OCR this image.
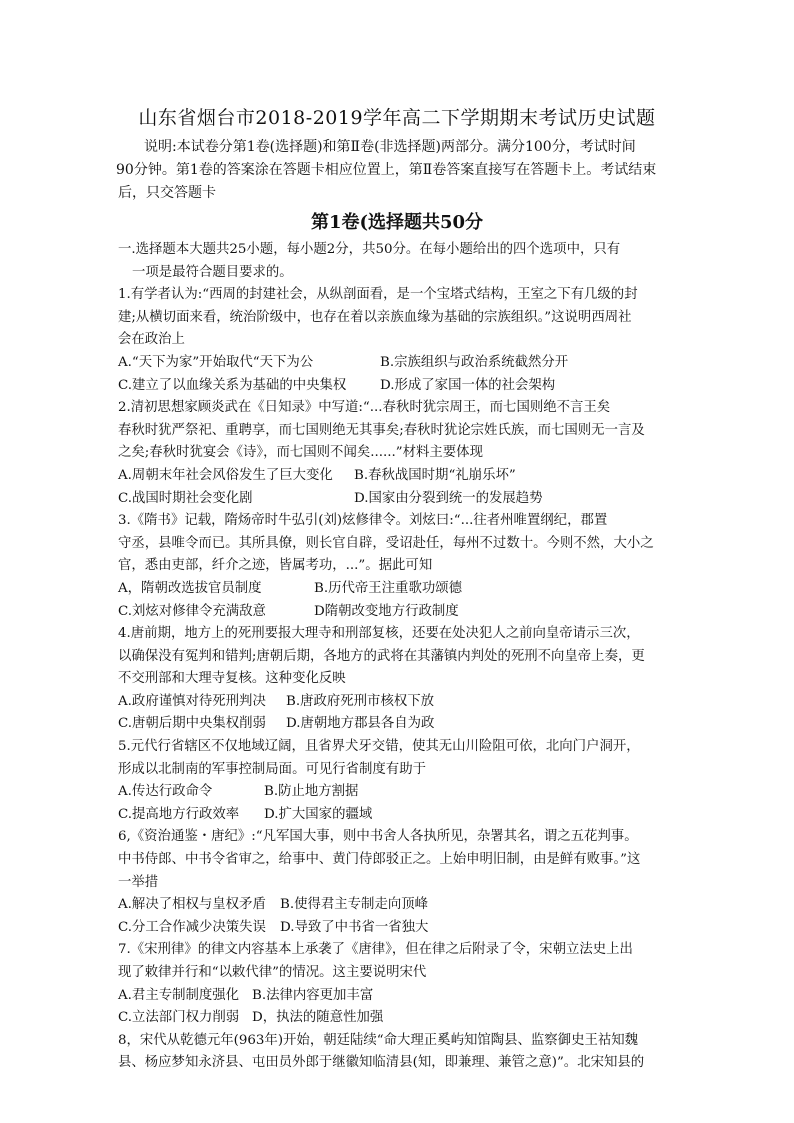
山东省烟台市2018-2019学年高二下学期期末考试历史试题
说明:本试卷分第1卷(选择题)和第Ⅱ卷(非选择题)两部分。满分100分，考试时间
90分钟。第1卷的答案涂在答题卡相应位置上，第Ⅱ卷答案直接写在答题卡上。考试结束
后，只交答题卡
第1卷(选择题共50分
一.选择题本大题共25小题，每小题2分，共50分。在每小题给出的四个选项中，只有
一项是最符合题目要求的。
1.有学者认为:“西周的封建社会，从纵剖面看，是一个宝塔式结构，王室之下有几级的封
建;从横切面来看，统治阶级中，也存在着以亲族血缘为基础的宗族组织。”这说明西周社
会在政治上
A.“天下为家”开始取代“天下为公	B.宗族组织与政治系统截然分开
C.建立了以血缘关系为基础的中央集权	D.形成了家国一体的社会架构
2.清初思想家顾炎武在《日知录》中写道:“...春秋时犹宗周王，而七国则绝不言王矣
春秋时犹严祭祀、重聘享，而七国则绝无其事矣;春秋时犹论宗姓氏族，而七国则无一言及
之矣;春秋时犹宴会《诗》，而七国则不闻矣......”材料主要体现
A.周朝末年社会风俗发生了巨大变化	B.春秋战国时期“礼崩乐坏”
C.战国时期社会变化剧	D.国家由分裂到统一的发展趋势
3.《隋书》记载，隋炀帝时牛弘引(刘)炫修律令。刘炫曰:“...往者州唯置纲纪，郡置
守丞，县唯令而已。其所具僚，则长官自辟，受诏赴任，每州不过数十。今则不然，大小之
官，悉由吏部，纤介之迹，皆属考功，...”。据此可知
A，隋朝改选拔官员制度	B.历代帝王注重歌功颂德
C.刘炫对修律令充满敌意	D隋朝改变地方行政制度
4.唐前期，地方上的死刑要报大理寺和刑部复核，还要在处决犯人之前向皇帝请示三次，
以确保没有冤判和错判;唐朝后期，各地方的武将在其藩镇内判处的死刑不向皇帝上奏，更
不交刑部和大理寺复核。这种变化反映
A.政府谨慎对待死刑判决	B.唐政府死刑市核权下放
C.唐朝后期中央集权削弱	D.唐朝地方郡县各自为政
5.元代行省辖区不仅地域辽阔，且省界犬牙交错，使其无山川险阻可依，北向门户洞开，
形成以北制南的军事控制局面。可见行省制度有助于
A.传达行政命令	B.防止地方割据
C.提高地方行政效率	D.扩大国家的疆域
6,《资治通鉴・唐纪》:“凡军国大事，则中书舍人各执所见，杂署其名，谓之五花判事。
中书侍郎、中书令省审之，给事中、黄门侍郎驳正之。上始申明旧制，由是鲜有败事。”这
一举措
A.解决了相权与皇权矛盾	B.使得君主专制走向顶峰
C.分工合作减少决策失误	D.导致了中书省一省独大
7.《宋刑律》的律文内容基本上承袭了《唐律》，但在律之后附录了令，宋朝立法史上出
现了敕律并行和“以敕代律”的情况。这主要说明宋代
A.君主专制制度强化 B.法律内容更加丰富
C.立法部门权力削弱 D，执法的随意性加强
8，宋代从乾德元年(963年)开始，朝廷陆续“命大理正奚屿知馆陶县、监察御史王祜知魏
县、杨应梦知永济县、屯田员外郎于继徽知临清县(知，即兼理、兼管之意)”。北宋知县的
